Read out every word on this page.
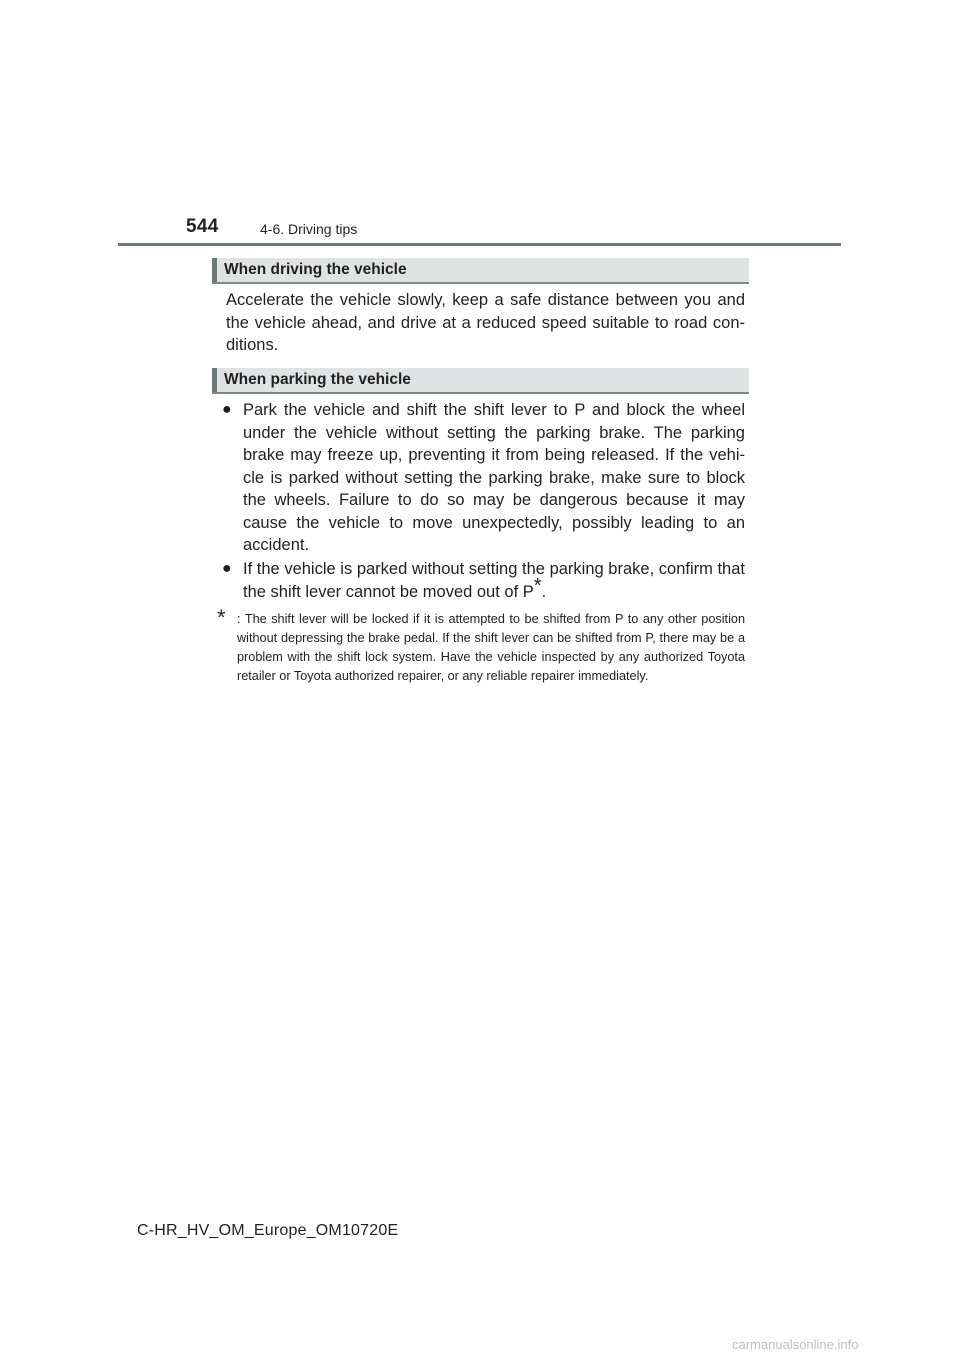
544	4-6. Driving tips
When driving the vehicle
Accelerate the vehicle slowly, keep a safe distance between you and the vehicle ahead, and drive at a reduced speed suitable to road con-ditions.
When parking the vehicle
● Park the vehicle and shift the shift lever to P and block the wheel under the vehicle without setting the parking brake. The parking brake may freeze up, preventing it from being released. If the vehi-cle is parked without setting the parking brake, make sure to block the wheels. Failure to do so may be dangerous because it may cause the vehicle to move unexpectedly, possibly leading to an accident.
● If the vehicle is parked without setting the parking brake, confirm that the shift lever cannot be moved out of P*.
* : The shift lever will be locked if it is attempted to be shifted from P to any other position without depressing the brake pedal. If the shift lever can be shifted from P, there may be a problem with the shift lock system. Have the vehicle inspected by any authorized Toyota retailer or Toyota authorized repairer, or any reliable repairer immediately.
C-HR_HV_OM_Europe_OM10720E
carmanualsonline.info
